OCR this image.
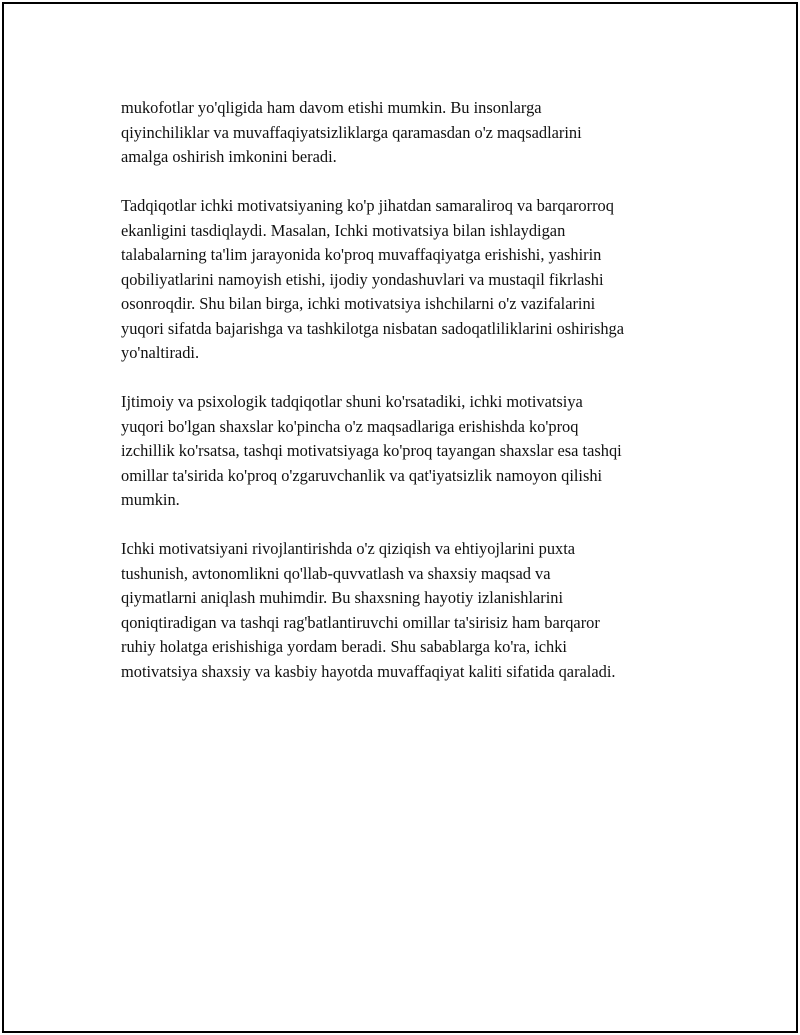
mukofotlar yo'qligida ham davom etishi mumkin. Bu insonlarga
qiyinchiliklar va muvaffaqiyatsizliklarga qaramasdan o'z maqsadlarini
amalga oshirish imkonini beradi.

Tadqiqotlar ichki motivatsiyaning ko'p jihatdan samaraliroq va barqarorroq
ekanligini tasdiqlaydi. Masalan, Ichki motivatsiya bilan ishlaydigan
talabalarning ta'lim jarayonida ko'proq muvaffaqiyatga erishishi, yashirin
qobiliyatlarini namoyish etishi, ijodiy yondashuvlari va mustaqil fikrlashi
osonroqdir. Shu bilan birga, ichki motivatsiya ishchilarni o'z vazifalarini
yuqori sifatda bajarishga va tashkilotga nisbatan sadoqatliliklarini oshirishga
yo'naltiradi.

Ijtimoiy va psixologik tadqiqotlar shuni ko'rsatadiki, ichki motivatsiya
yuqori bo'lgan shaxslar ko'pincha o'z maqsadlariga erishishda ko'proq
izchillik ko'rsatsa, tashqi motivatsiyaga ko'proq tayangan shaxslar esa tashqi
omillar ta'sirida ko'proq o'zgaruvchanlik va qat'iyatsizlik namoyon qilishi
mumkin.

Ichki motivatsiyani rivojlantirishda o'z qiziqish va ehtiyojlarini puxta
tushunish, avtonomlikni qo'llab-quvvatlash va shaxsiy maqsad va
qiymatlarni aniqlash muhimdir. Bu shaxsning hayotiy izlanishlarini
qoniqtiradigan va tashqi rag'batlantiruvchi omillar ta'sirisiz ham barqaror
ruhiy holatga erishishiga yordam beradi. Shu sabablarga ko'ra, ichki
motivatsiya shaxsiy va kasbiy hayotda muvaffaqiyat kaliti sifatida qaraladi.
